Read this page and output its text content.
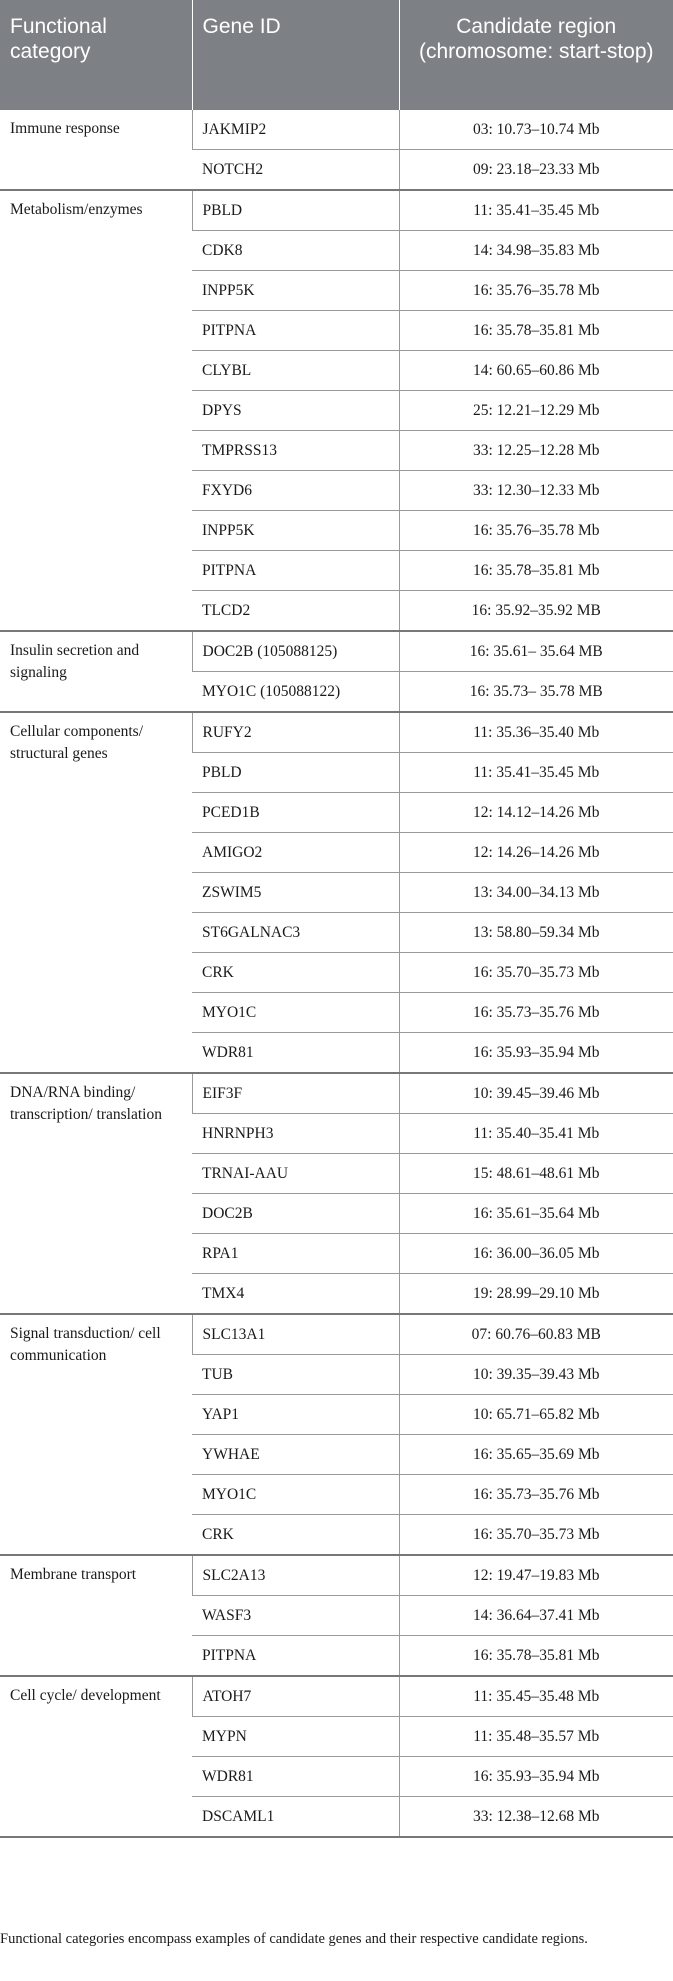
Functional category	Gene ID	Candidate region (chromosome: start-stop)
Immune response	JAKMIP2	03: 10.73–10.74 Mb
	NOTCH2	09: 23.18–23.33 Mb
Metabolism/enzymes	PBLD	11: 35.41–35.45 Mb
	CDK8	14: 34.98–35.83 Mb
	INPP5K	16: 35.76–35.78 Mb
	PITPNA	16: 35.78–35.81 Mb
	CLYBL	14: 60.65–60.86 Mb
	DPYS	25: 12.21–12.29 Mb
	TMPRSS13	33: 12.25–12.28 Mb
	FXYD6	33: 12.30–12.33 Mb
	INPP5K	16: 35.76–35.78 Mb
	PITPNA	16: 35.78–35.81 Mb
	TLCD2	16: 35.92–35.92 MB
Insulin secretion and signaling	DOC2B (105088125)	16: 35.61– 35.64 MB
	MYO1C (105088122)	16: 35.73– 35.78 MB
Cellular components/ structural genes	RUFY2	11: 35.36–35.40 Mb
	PBLD	11: 35.41–35.45 Mb
	PCED1B	12: 14.12–14.26 Mb
	AMIGO2	12: 14.26–14.26 Mb
	ZSWIM5	13: 34.00–34.13 Mb
	ST6GALNAC3	13: 58.80–59.34 Mb
	CRK	16: 35.70–35.73 Mb
	MYO1C	16: 35.73–35.76 Mb
	WDR81	16: 35.93–35.94 Mb
DNA/RNA binding/ transcription/ translation	EIF3F	10: 39.45–39.46 Mb
	HNRNPH3	11: 35.40–35.41 Mb
	TRNAI-AAU	15: 48.61–48.61 Mb
	DOC2B	16: 35.61–35.64 Mb
	RPA1	16: 36.00–36.05 Mb
	TMX4	19: 28.99–29.10 Mb
Signal transduction/ cell communication	SLC13A1	07: 60.76–60.83 MB
	TUB	10: 39.35–39.43 Mb
	YAP1	10: 65.71–65.82 Mb
	YWHAE	16: 35.65–35.69 Mb
	MYO1C	16: 35.73–35.76 Mb
	CRK	16: 35.70–35.73 Mb
Membrane transport	SLC2A13	12: 19.47–19.83 Mb
	WASF3	14: 36.64–37.41 Mb
	PITPNA	16: 35.78–35.81 Mb
Cell cycle/ development	ATOH7	11: 35.45–35.48 Mb
	MYPN	11: 35.48–35.57 Mb
	WDR81	16: 35.93–35.94 Mb
	DSCAML1	33: 12.38–12.68 Mb
Functional categories encompass examples of candidate genes and their respective candidate regions.
